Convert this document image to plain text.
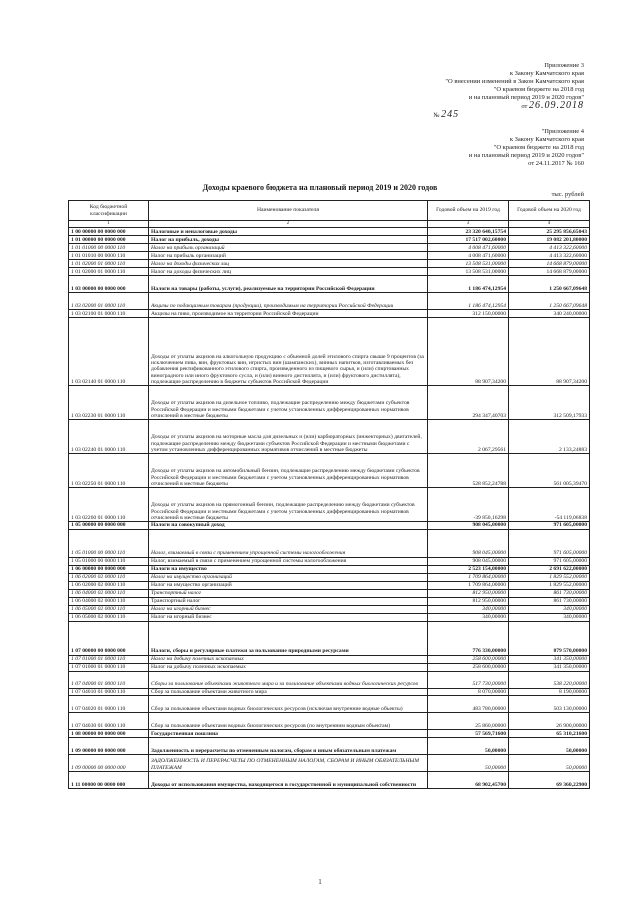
Приложение 3
к Закону Камчатского края
"О внесении изменений в Закон Камчатского края
"О краевом бюджете на 2018 год
и на плановый период 2019 и 2020 годов"
от 26.09.2018
№ 245
"Приложение 4
к Закону Камчатского края
"О краевом бюджете на 2018 год
и на плановый период 2019 и 2020 годов"
от 24.11.2017 № 160
Доходы краевого бюджета на плановый период 2019 и 2020 годов
тыс. рублей
Код бюджетной классификации	Наименование показателя	Годовой объем на 2019 год	Годовой объем на 2020 год
1	2	3	4
1 00 00000 00 0000 000	Налоговые и неналоговые доходы	23 320 640,15754	25 295 856,65043
1 01 00000 00 0000 000	Налог на прибыль, доходы	17 517 002,60000	19 082 201,80000
1 01 01000 00 0000 110	Налог на прибыль организаций	4 008 471,60000	4 413 322,60000
1 01 01010 00 0000 110	Налог на прибыль организаций	4 008 471,60000	4 413 322,60000
1 01 02000 01 0000 110	Налог на доходы физических лиц	13 508 531,00000	14 668 879,00000
1 01 02000 01 0000 110	Налог на доходы физических лиц	13 508 531,00000	14 668 879,00000
1 03 00000 00 0000 000	Налоги на товары (работы, услуги), реализуемые на территории Российской Федерации	1 186 474,12954	1 250 667,09648
1 03 02000 01 0000 110	Акцизы по подакцизным товарам (продукции), производимым на территории Российской Федерации	1 186 474,12954	1 250 667,09648
1 03 02100 01 0000 110	Акцизы на пиво, производимое на территории Российской Федерации	312 150,00000	340 240,00000
1 03 02140 01 0000 110	Доходы от уплаты акцизов на алкогольную продукцию с объемной долей этилового спирта свыше 9 процентов (за исключением пива, вин, фруктовых вин, игристых вин (шампанских), винных напитков, изготавливаемых без добавления ректификованного этилового спирта, произведенного из пищевого сырья, и (или) спиртованных виноградного или иного фруктового сусла, и (или) винного дистиллята, и (или) фруктового дистиллята), подлежащие распределению в бюджеты субъектов Российской Федерации	88 907,34200	88 907,34200
1 03 02230 01 0000 110	Доходы от уплаты акцизов на дизельное топливо, подлежащие распределению между бюджетами субъектов Российской Федерации и местными бюджетами с учетом установленных дифференцированных нормативов отчислений в местные бюджеты	294 347,40703	312 509,17933
1 03 02240 01 0000 110	Доходы от уплаты акцизов на моторные масла для дизельных и (или) карбюраторных (инжекторных) двигателей, подлежащие распределению между бюджетами субъектов Российской Федерации и местными бюджетами с учетом установленных дифференцированных нормативов отчислений в местные бюджеты	2 067,29561	2 133,24883
1 03 02250 01 0000 110	Доходы от уплаты акцизов на автомобильный бензин, подлежащие распределению между бюджетами субъектов Российской Федерации и местными бюджетами с учетом установленных дифференцированных нормативов отчислений в местные бюджеты	528 852,24788	561 005,39470
1 03 02260 01 0000 110	Доходы от уплаты акцизов на прямогонный бензин, подлежащие распределению между бюджетами субъектов Российской Федерации и местными бюджетами с учетом установленных дифференцированных нормативов отчислений в местные бюджеты	-39 850,16298	-54 119,06838
1 05 00000 00 0000 000	Налоги на совокупный доход	908 045,00000	971 605,00000
1 05 01000 00 0000 110	Налог, взимаемый в связи с применением упрощенной системы налогообложения	908 045,00000	971 605,00000
1 05 01000 00 0000 110	Налог, взимаемый в связи с применением упрощенной системы налогообложения	908 045,00000	971 605,00000
1 06 00000 00 0000 000	Налоги на имущество	2 523 154,00000	2 691 622,00000
1 06 02000 02 0000 110	Налог на имущество организаций	1 709 864,00000	1 829 552,00000
1 06 02000 02 0000 110	Налог на имущество организаций	1 709 864,00000	1 829 552,00000
1 06 04000 02 0000 110	Транспортный налог	812 950,00000	861 730,00000
1 06 04000 02 0000 110	Транспортный налог	812 950,00000	861 730,00000
1 06 05000 02 0000 110	Налог на игорный бизнес	340,00000	340,00000
1 06 05000 02 0000 110	Налог на игорный бизнес	340,00000	340,00000
1 07 00000 00 0000 000	Налоги, сборы и регулярные платежи за пользование природными ресурсами	776 330,00000	879 570,00000
1 07 01000 01 0000 110	Налог на добычу полезных ископаемых	258 600,00000	341 350,00000
1 07 01000 01 0000 110	Налог на добычу полезных ископаемых	258 600,00000	341 350,00000
1 07 04000 01 0000 110	Сборы за пользование объектами животного мира и за пользование объектами водных биологических ресурсов	517 730,00000	538 220,00000
1 07 04010 01 0000 110	Сбор за пользование объектами животного мира	8 070,00000	8 190,00000
1 07 04020 01 0000 110	Сбор за пользование объектами водных биологических ресурсов (исключая внутренние водные объекты)	483 780,00000	503 130,00000
1 07 04030 01 0000 110	Сбор за пользование объектами водных биологических ресурсов (по внутренним водным объектам)	25 860,00000	26 900,00000
1 08 00000 00 0000 000	Государственная пошлина	57 569,71600	65 310,21600
1 09 00000 00 0000 000	Задолженность и перерасчеты по отмененным налогам, сборам и иным обязательным платежам	50,00000	50,00000
1 09 00000 00 0000 000	ЗАДОЛЖЕННОСТЬ И ПЕРЕРАСЧЕТЫ ПО ОТМЕНЕННЫМ НАЛОГАМ, СБОРАМ И ИНЫМ ОБЯЗАТЕЛЬНЫМ ПЛАТЕЖАМ	50,00000	50,00000
1 11 00000 00 0000 000	Доходы от использования имущества, находящегося в государственной и муниципальной собственности	68 902,45700	69 360,22900
1
